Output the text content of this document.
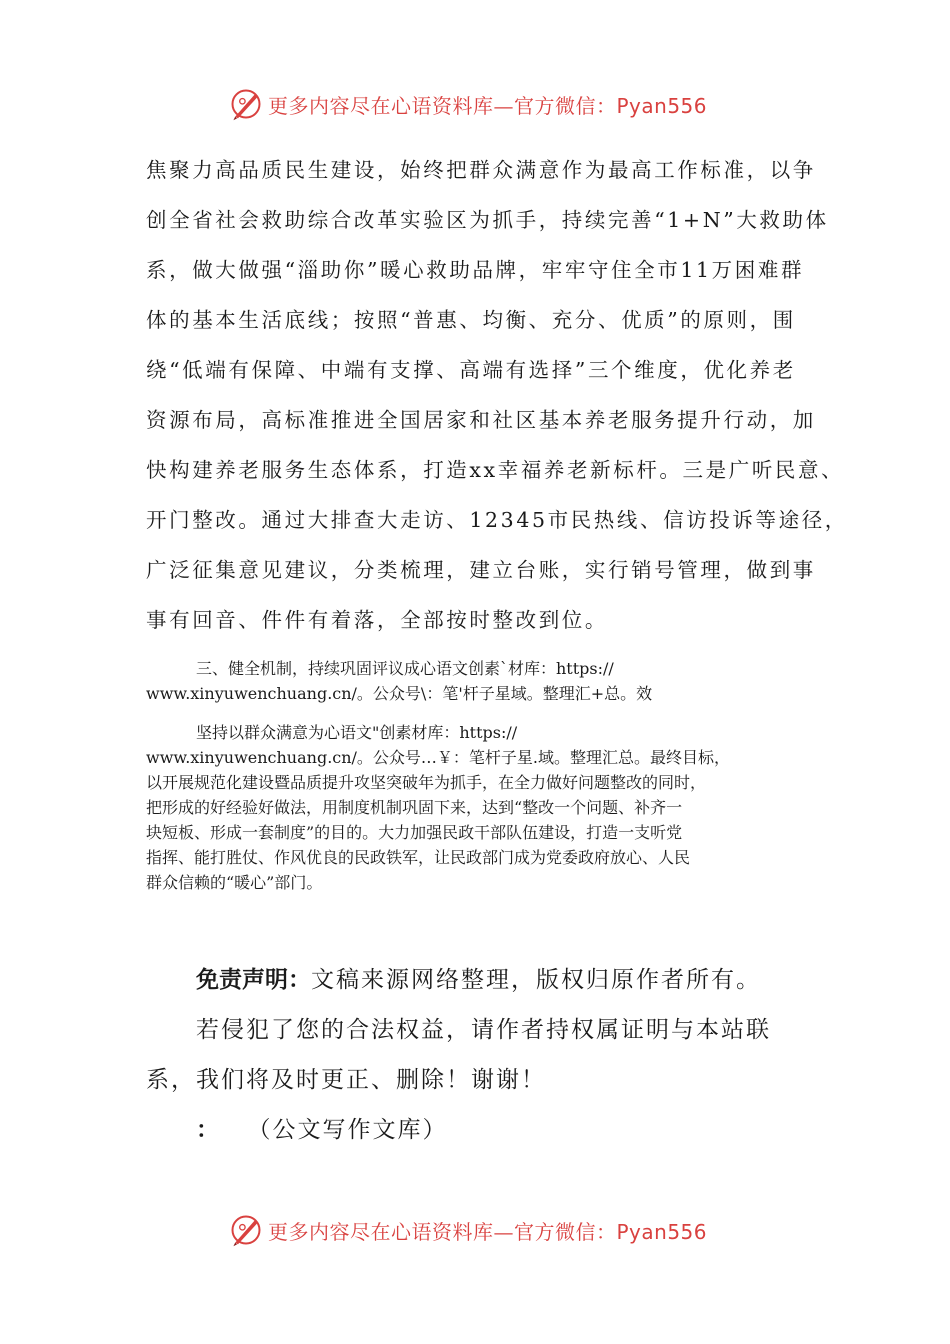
更多内容尽在心语资料库—官方微信：Pyan556
焦聚力高品质民生建设，始终把群众满意作为最高工作标准，以争
创全省社会救助综合改革实验区为抓手，持续完善“1+N”大救助体
系，做大做强“淄助你”暖心救助品牌，牢牢守住全市11万困难群
体的基本生活底线；按照“普惠、均衡、充分、优质”的原则，围
绕“低端有保障、中端有支撑、高端有选择”三个维度，优化养老
资源布局，高标准推进全国居家和社区基本养老服务提升行动，加
快构建养老服务生态体系，打造xx幸福养老新标杆。三是广听民意、
开门整改。通过大排查大走访、12345市民热线、信访投诉等途径，
广泛征集意见建议，分类梳理，建立台账，实行销号管理，做到事
事有回音、件件有着落，全部按时整改到位。
三、健全机制，持续巩固评议成心语文创素`材库：https://
www.xinyuwenchuang.cn/。公众号\：笔'杆子星域。整理汇+总。效
坚持以群众满意为心语文"创素材库：https://
www.xinyuwenchuang.cn/。公众号…￥：笔杆子星.域。整理汇总。最终目标，
以开展规范化建设暨品质提升攻坚突破年为抓手，在全力做好问题整改的同时，
把形成的好经验好做法，用制度机制巩固下来，达到“整改一个问题、补齐一
块短板、形成一套制度”的目的。大力加强民政干部队伍建设，打造一支听党
指挥、能打胜仗、作风优良的民政铁军，让民政部门成为党委政府放心、人民
群众信赖的“暖心”部门。
免责声明：文稿来源网络整理，版权归原作者所有。
若侵犯了您的合法权益，请作者持权属证明与本站联
系，我们将及时更正、删除！谢谢！
： （公文写作文库）
更多内容尽在心语资料库—官方微信：Pyan556
